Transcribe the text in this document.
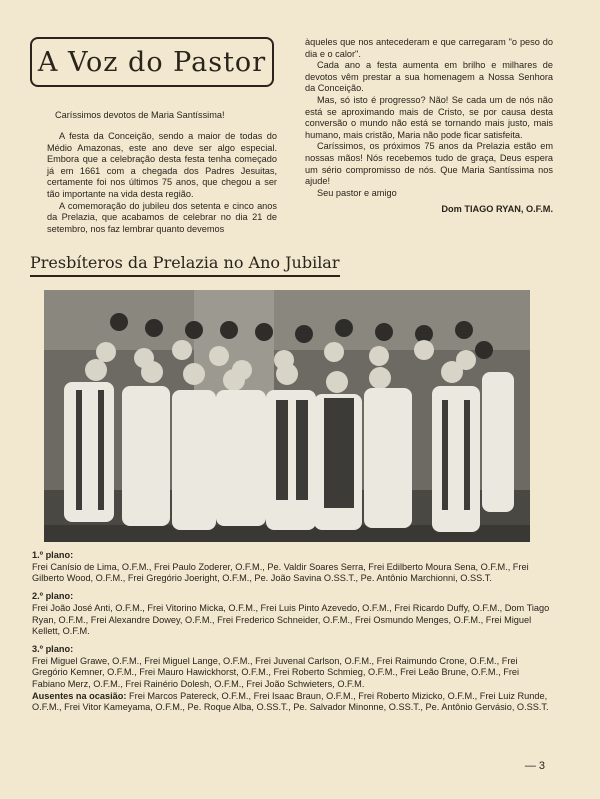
A Voz do Pastor
Caríssimos devotos de Maria Santíssima!

A festa da Conceição, sendo a maior de todas do Médio Amazonas, este ano deve ser algo especial. Embora que a celebração desta festa tenha começado já em 1661 com a chegada dos Padres Jesuitas, certamente foi nos últimos 75 anos, que chegou a ser tão importante na vida desta região.

A comemoração do jubileu dos setenta e cinco anos da Prelazia, que acabamos de celebrar no dia 21 de setembro, nos faz lembrar quanto devemos

àqueles que nos antecederam e que carregaram "o peso do dia e o calor".

Cada ano a festa aumenta em brilho e milhares de devotos vêm prestar a sua homenagem a Nossa Senhora da Conceição.

Mas, só isto é progresso? Não! Se cada um de nós não está se aproximando mais de Cristo, se por causa desta conversão o mundo não está se tornando mais justo, mais humano, mais cristão, Maria não pode ficar satisfeita.

Caríssimos, os próximos 75 anos da Prelazia estão em nossas mãos! Nós recebemos tudo de graça, Deus espera um sério compromisso de nós. Que Maria Santíssima nos ajude!

Seu pastor e amigo

Dom TIAGO RYAN, O.F.M.
Presbíteros da Prelazia no Ano Jubilar
1.º plano:
Frei Canísio de Lima, O.F.M., Frei Paulo Zoderer, O.F.M., Pe. Valdir Soares Serra, Frei Edilberto Moura Sena, O.F.M., Frei Gilberto Wood, O.F.M., Frei Gregório Joeright, O.F.M., Pe. João Savina O.SS.T., Pe. Antônio Marchionni, O.SS.T.
2.º plano:
Frei João José Anti, O.F.M., Frei Vitorino Micka, O.F.M., Frei Luis Pinto Azevedo, O.F.M., Frei Ricardo Duffy, O.F.M., Dom Tiago Ryan, O.F.M., Frei Alexandre Dowey, O.F.M., Frei Frederico Schneider, O.F.M., Frei Osmundo Menges, O.F.M., Frei Miguel Kellett, O.F.M.
3.º plano:
Frei Miguel Grawe, O.F.M., Frei Miguel Lange, O.F.M., Frei Juvenal Carlson, O.F.M., Frei Raimundo Crone, O.F.M., Frei Gregório Kemner, O.F.M., Frei Mauro Hawickhorst, O.F.M., Frei Roberto Schmieg, O.F.M., Frei Leão Brune, O.F.M., Frei Fabiano Merz, O.F.M., Frei Rainério Dolesh, O.F.M., Frei João Schwieters, O.F.M.
Ausentes na ocasião: Frei Marcos Patereck, O.F.M., Frei Isaac Braun, O.F.M., Frei Roberto Mizicko, O.F.M., Frei Luiz Runde, O.F.M., Frei Vitor Kameyama, O.F.M., Pe. Roque Alba, O.SS.T., Pe. Salvador Minonne, O.SS.T., Pe. Antônio Gervásio, O.SS.T.
— 3
